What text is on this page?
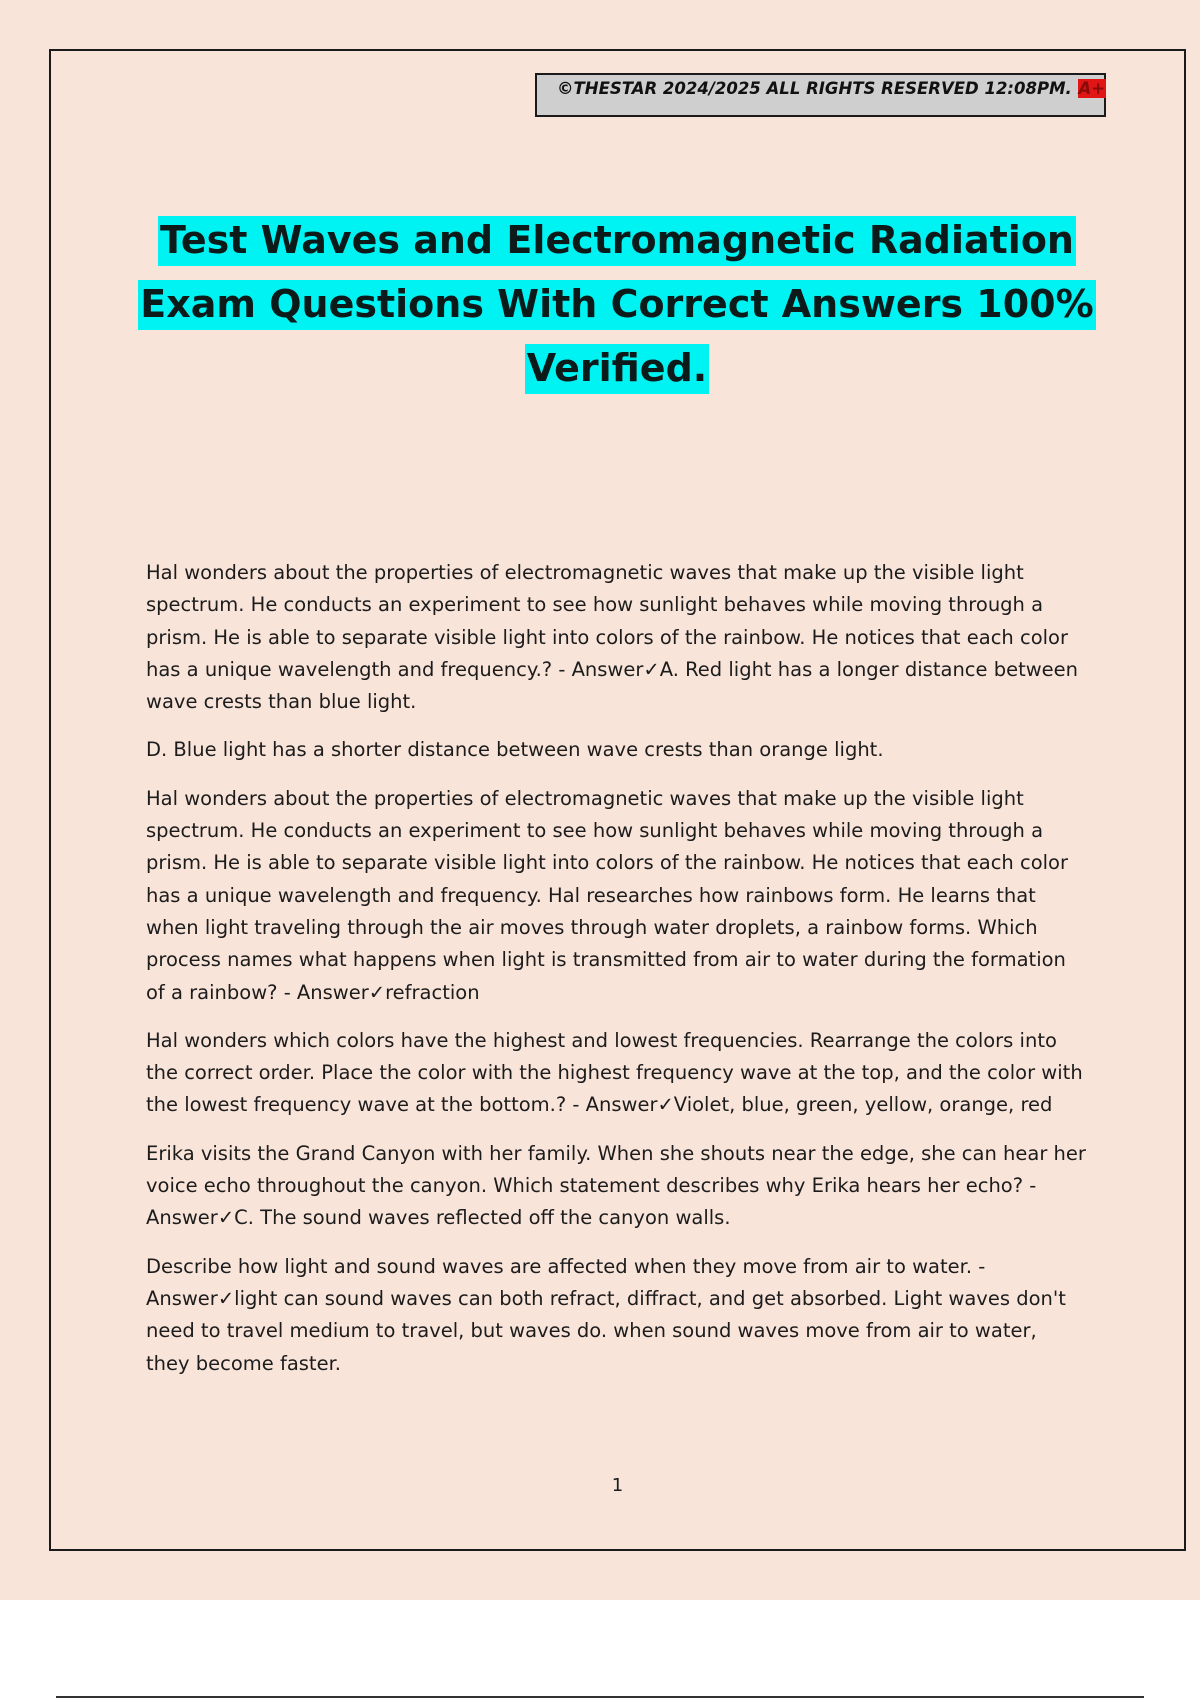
©THESTAR 2024/2025 ALL RIGHTS RESERVED 12:08PM. A+
Test Waves and Electromagnetic Radiation
Exam Questions With Correct Answers 100%
Verified.

Hal wonders about the properties of electromagnetic waves that make up the visible light spectrum. He conducts an experiment to see how sunlight behaves while moving through a prism. He is able to separate visible light into colors of the rainbow. He notices that each color has a unique wavelength and frequency.? - Answer✓A. Red light has a longer distance between wave crests than blue light.

D. Blue light has a shorter distance between wave crests than orange light.

Hal wonders about the properties of electromagnetic waves that make up the visible light spectrum. He conducts an experiment to see how sunlight behaves while moving through a prism. He is able to separate visible light into colors of the rainbow. He notices that each color has a unique wavelength and frequency. Hal researches how rainbows form. He learns that when light traveling through the air moves through water droplets, a rainbow forms. Which process names what happens when light is transmitted from air to water during the formation of a rainbow? - Answer✓refraction

Hal wonders which colors have the highest and lowest frequencies. Rearrange the colors into the correct order. Place the color with the highest frequency wave at the top, and the color with the lowest frequency wave at the bottom.? - Answer✓Violet, blue, green, yellow, orange, red

Erika visits the Grand Canyon with her family. When she shouts near the edge, she can hear her voice echo throughout the canyon. Which statement describes why Erika hears her echo? - Answer✓C. The sound waves reflected off the canyon walls.

Describe how light and sound waves are affected when they move from air to water. - Answer✓light can sound waves can both refract, diffract, and get absorbed. Light waves don't need to travel medium to travel, but waves do. when sound waves move from air to water, they become faster.

1
